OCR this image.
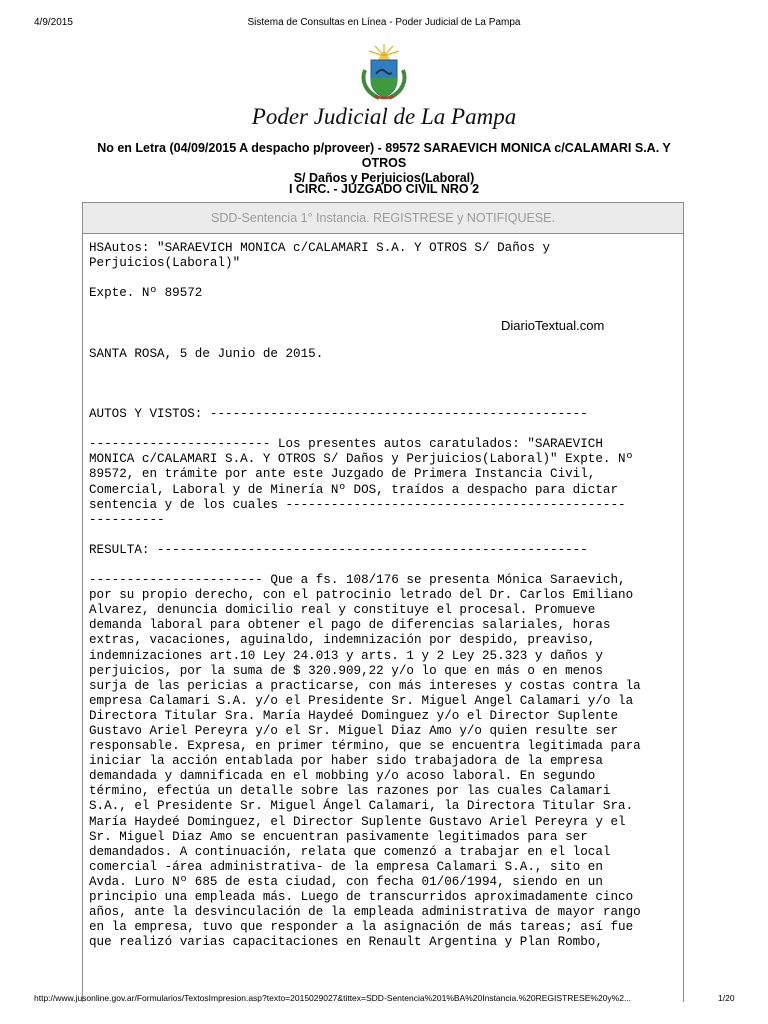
4/9/2015	Sistema de Consultas en Línea - Poder Judicial de La Pampa
Poder Judicial de La Pampa
No en Letra (04/09/2015 A despacho p/proveer) - 89572 SARAEVICH MONICA c/CALAMARI S.A. Y OTROS
S/ Daños y Perjuicios(Laboral)
I CIRC. - JUZGADO CIVIL NRO 2
SDD-Sentencia 1° Instancia. REGISTRESE y NOTIFIQUESE.

HSAutos: "SARAEVICH MONICA c/CALAMARI S.A. Y OTROS S/ Daños y
Perjuicios(Laboral)"

Expte. Nº 89572

SANTA ROSA, 5 de Junio de 2015.

AUTOS Y VISTOS: --------------------------------------------------

------------------------ Los presentes autos caratulados: "SARAEVICH
MONICA c/CALAMARI S.A. Y OTROS S/ Daños y Perjuicios(Laboral)" Expte. Nº
89572, en trámite por ante este Juzgado de Primera Instancia Civil,
Comercial, Laboral y de Minería Nº DOS, traídos a despacho para dictar
sentencia y de los cuales ---------------------------------------------
----------

RESULTA: ---------------------------------------------------------

----------------------- Que a fs. 108/176 se presenta Mónica Saraevich,
por su propio derecho, con el patrocinio letrado del Dr. Carlos Emiliano
Alvarez, denuncia domicilio real y constituye el procesal. Promueve
demanda laboral para obtener el pago de diferencias salariales, horas
extras, vacaciones, aguinaldo, indemnización por despido, preaviso,
indemnizaciones art.10 Ley 24.013 y arts. 1 y 2 Ley 25.323 y daños y
perjuicios, por la suma de $ 320.909,22 y/o lo que en más o en menos
surja de las pericias a practicarse, con más intereses y costas contra la
empresa Calamari S.A. y/o el Presidente Sr. Miguel Angel Calamari y/o la
Directora Titular Sra. María Haydeé Dominguez y/o el Director Suplente
Gustavo Ariel Pereyra y/o el Sr. Miguel Diaz Amo y/o quien resulte ser
responsable. Expresa, en primer término, que se encuentra legitimada para
iniciar la acción entablada por haber sido trabajadora de la empresa
demandada y damnificada en el mobbing y/o acoso laboral. En segundo
término, efectúa un detalle sobre las razones por las cuales Calamari
S.A., el Presidente Sr. Miguel Ángel Calamari, la Directora Titular Sra.
María Haydeé Dominguez, el Director Suplente Gustavo Ariel Pereyra y el
Sr. Miguel Diaz Amo se encuentran pasivamente legitimados para ser
demandados. A continuación, relata que comenzó a trabajar en el local
comercial -área administrativa- de la empresa Calamari S.A., sito en
Avda. Luro Nº 685 de esta ciudad, con fecha 01/06/1994, siendo en un
principio una empleada más. Luego de transcurridos aproximadamente cinco
años, ante la desvinculación de la empleada administrativa de mayor rango
en la empresa, tuvo que responder a la asignación de más tareas; así fue
que realizó varias capacitaciones en Renault Argentina y Plan Rombo,

DiarioTextual.com
http://www.jusonline.gov.ar/Formularios/TextosImpresion.asp?texto=2015029027&tittex=SDD-Sentencia%201%BA%20Instancia.%20REGISTRESE%20y%2...	1/20
